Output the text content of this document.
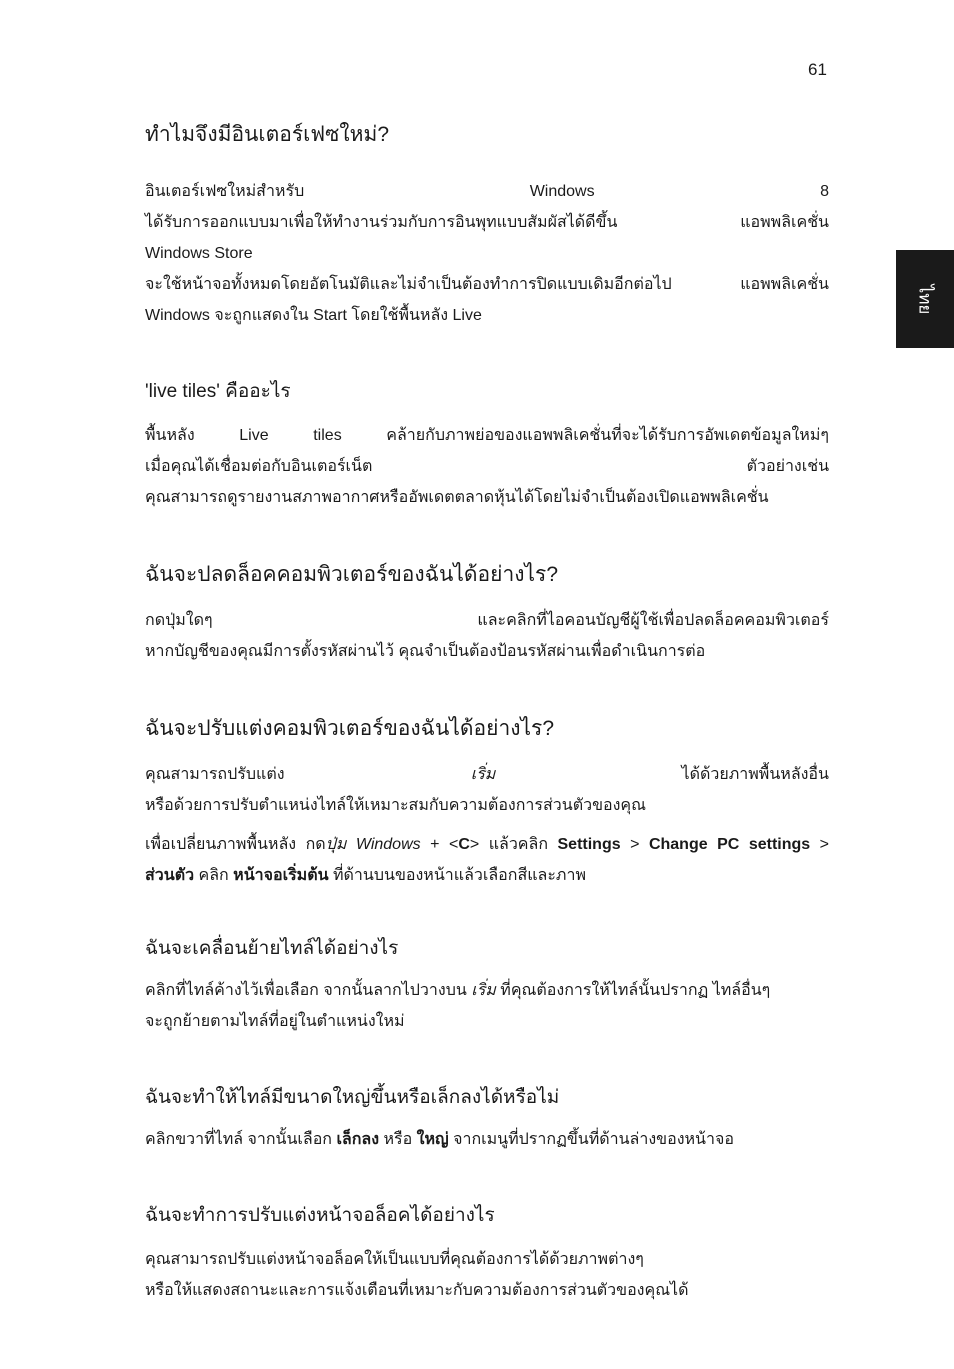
61
ไทย
ทำไมจึงมีอินเตอร์เฟซใหม่?
อินเตอร์เฟซใหม่สำหรับ	Windows	8
ได้รับการออกแบบมาเพื่อให้ทำงานร่วมกับการอินพุทแบบสัมผัสได้ดีขึ้น	แอพพลิเคชั่น

Windows Store

จะใช้หน้าจอทั้งหมดโดยอัตโนมัติและไม่จำเป็นต้องทำการปิดแบบเดิมอีกต่อไป	แอพพลิเคชั่น

Windows จะถูกแสดงใน Start โดยใช้พื้นหลัง Live

'live tiles' คืออะไร
พื้นหลัง	Live	tiles	คล้ายกับภาพย่อของแอพพลิเคชั่นที่จะได้รับการอัพเดตข้อมูลใหม่ๆ
เมื่อคุณได้เชื่อมต่อกับอินเตอร์เน็ต	ตัวอย่างเช่น

คุณสามารถดูรายงานสภาพอากาศหรืออัพเดตตลาดหุ้นได้โดยไม่จำเป็นต้องเปิดแอพพลิเคชั่น

ฉันจะปลดล็อคคอมพิวเตอร์ของฉันได้อย่างไร?
กดปุ่มใดๆ	และคลิกที่ไอคอนบัญชีผู้ใช้เพื่อปลดล็อคคอมพิวเตอร์

หากบัญชีของคุณมีการตั้งรหัสผ่านไว้ คุณจำเป็นต้องป้อนรหัสผ่านเพื่อดำเนินการต่อ

ฉันจะปรับแต่งคอมพิวเตอร์ของฉันได้อย่างไร?
คุณสามารถปรับแต่ง	เริ่ม	ได้ด้วยภาพพื้นหลังอื่น

หรือด้วยการปรับตำแหน่งไทล์ให้เหมาะสมกับความต้องการส่วนตัวของคุณ

เพื่อเปลี่ยนภาพพื้นหลัง กดปุ่ม Windows + <C> แล้วคลิก Settings > Change PC settings >

ส่วนตัว คลิก หน้าจอเริ่มต้น ที่ด้านบนของหน้าแล้วเลือกสีและภาพ

ฉันจะเคลื่อนย้ายไทล์ได้อย่างไร

คลิกที่ไทล์ค้างไว้เพื่อเลือก จากนั้นลากไปวางบน เริ่ม ที่คุณต้องการให้ไทล์นั้นปรากฏ ไทล์อื่นๆ

จะถูกย้ายตามไทล์ที่อยู่ในตำแหน่งใหม่

ฉันจะทำให้ไทล์มีขนาดใหญ่ขึ้นหรือเล็กลงได้หรือไม่

คลิกขวาที่ไทล์ จากนั้นเลือก เล็กลง หรือ ใหญ่ จากเมนูที่ปรากฏขึ้นที่ด้านล่างของหน้าจอ

ฉันจะทำการปรับแต่งหน้าจอล็อคได้อย่างไร

คุณสามารถปรับแต่งหน้าจอล็อคให้เป็นแบบที่คุณต้องการได้ด้วยภาพต่างๆ

หรือให้แสดงสถานะและการแจ้งเตือนที่เหมาะกับความต้องการส่วนตัวของคุณได้
